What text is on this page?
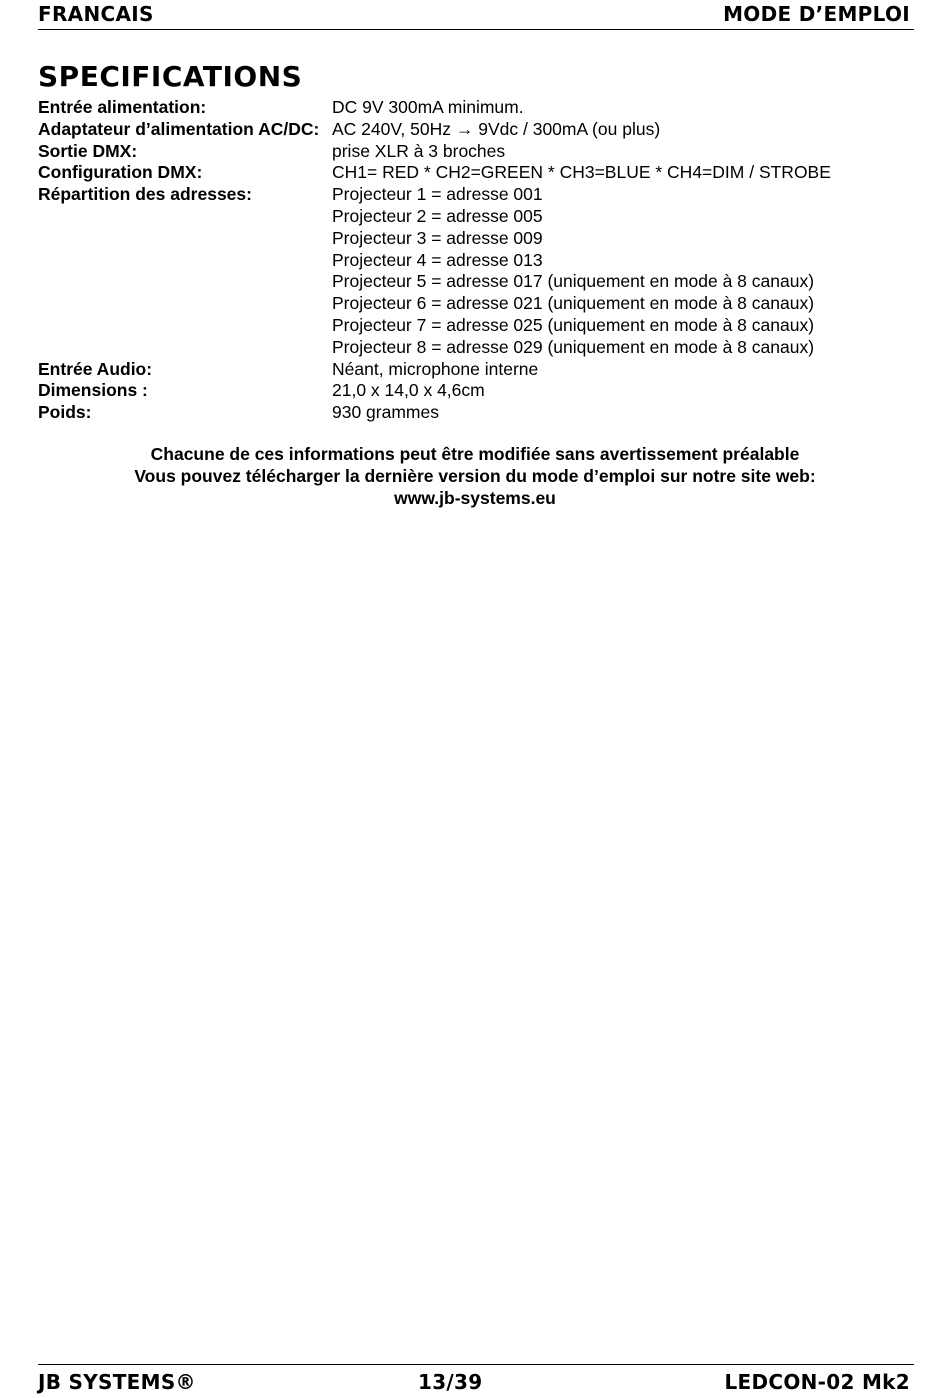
FRANCAIS	MODE D’EMPLOI
SPECIFICATIONS
Entrée alimentation:	DC 9V 300mA minimum.
Adaptateur d’alimentation AC/DC: AC 240V, 50Hz → 9Vdc / 300mA (ou plus)
Sortie DMX:	prise XLR à 3 broches
Configuration DMX:	CH1= RED * CH2=GREEN * CH3=BLUE * CH4=DIM / STROBE
Répartition des adresses:	Projecteur 1 = adresse 001
Projecteur 2 = adresse 005
Projecteur 3 = adresse 009
Projecteur 4 = adresse 013
Projecteur 5 = adresse 017 (uniquement en mode à 8 canaux)
Projecteur 6 = adresse 021 (uniquement en mode à 8 canaux)
Projecteur 7 = adresse 025 (uniquement en mode à 8 canaux)
Projecteur 8 = adresse 029 (uniquement en mode à 8 canaux)
Entrée Audio:	Néant, microphone interne
Dimensions :	21,0 x 14,0 x 4,6cm
Poids:	930 grammes
Chacune de ces informations peut être modifiée sans avertissement préalable
Vous pouvez télécharger la dernière version du mode d’emploi sur notre site web:
www.jb-systems.eu
JB SYSTEMS®	13/39	LEDCON-02 Mk2
